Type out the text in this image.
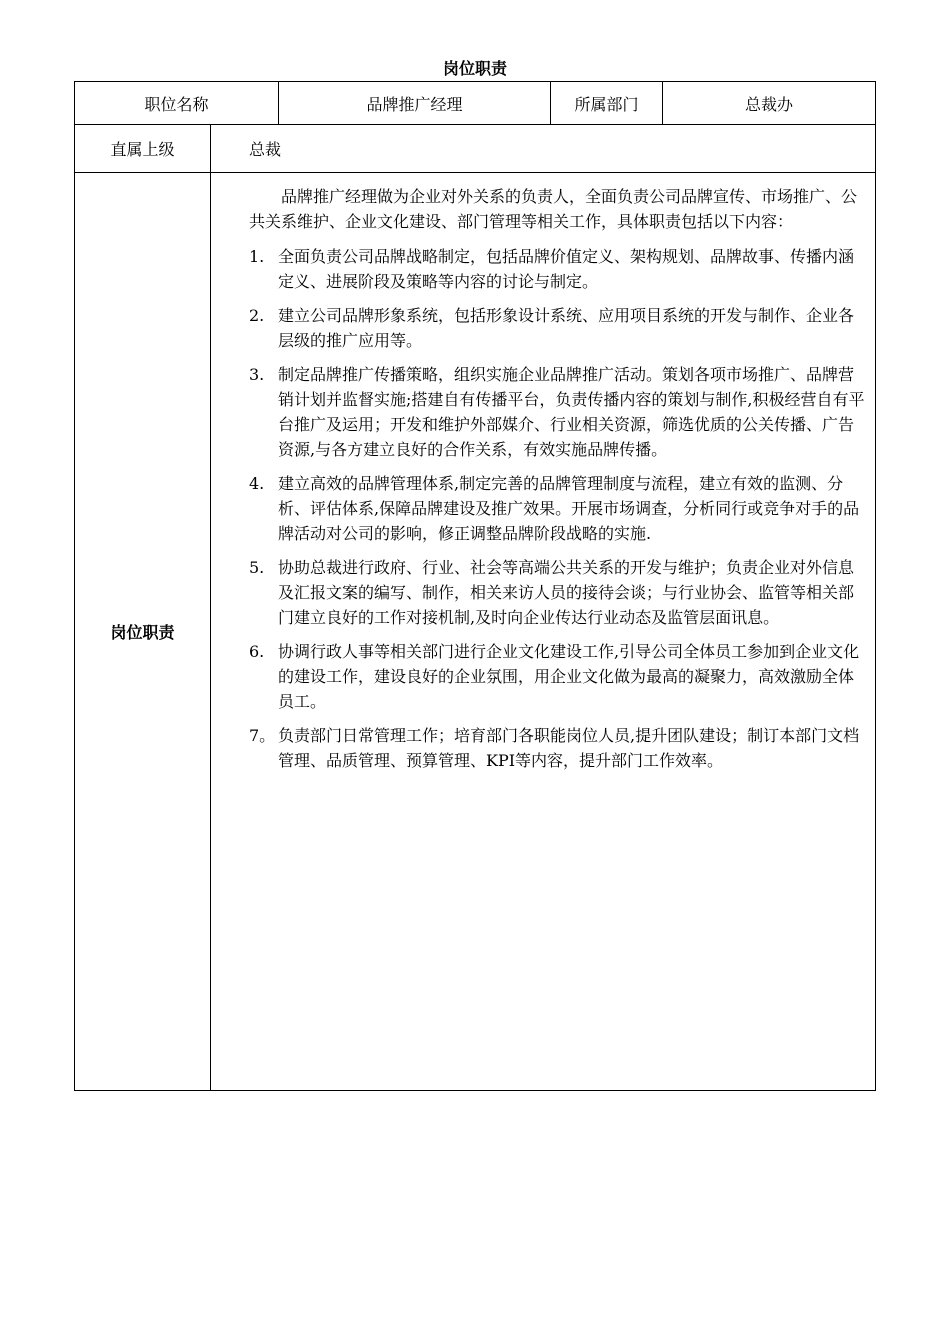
岗位职责
职位名称	品牌推广经理	所属部门	总裁办
直属上级	总裁
岗位职责

品牌推广经理做为企业对外关系的负责人，全面负责公司品牌宣传、市场推广、公共关系维护、企业文化建设、部门管理等相关工作，具体职责包括以下内容：

1. 全面负责公司品牌战略制定，包括品牌价值定义、架构规划、品牌故事、传播内涵定义、进展阶段及策略等内容的讨论与制定。
2. 建立公司品牌形象系统，包括形象设计系统、应用项目系统的开发与制作、企业各层级的推广应用等。
3. 制定品牌推广传播策略，组织实施企业品牌推广活动。策划各项市场推广、品牌营销计划并监督实施;搭建自有传播平台，负责传播内容的策划与制作,积极经营自有平台推广及运用；开发和维护外部媒介、行业相关资源，筛选优质的公关传播、广告资源,与各方建立良好的合作关系，有效实施品牌传播。
4. 建立高效的品牌管理体系,制定完善的品牌管理制度与流程，建立有效的监测、分析、评估体系,保障品牌建设及推广效果。开展市场调查，分析同行或竞争对手的品牌活动对公司的影响，修正调整品牌阶段战略的实施.
5. 协助总裁进行政府、行业、社会等高端公共关系的开发与维护；负责企业对外信息及汇报文案的编写、制作，相关来访人员的接待会谈；与行业协会、监管等相关部门建立良好的工作对接机制,及时向企业传达行业动态及监管层面讯息。
6. 协调行政人事等相关部门进行企业文化建设工作,引导公司全体员工参加到企业文化的建设工作，建设良好的企业氛围，用企业文化做为最高的凝聚力，高效激励全体员工。
7。 负责部门日常管理工作；培育部门各职能岗位人员,提升团队建设；制订本部门文档管理、品质管理、预算管理、KPI等内容，提升部门工作效率。
